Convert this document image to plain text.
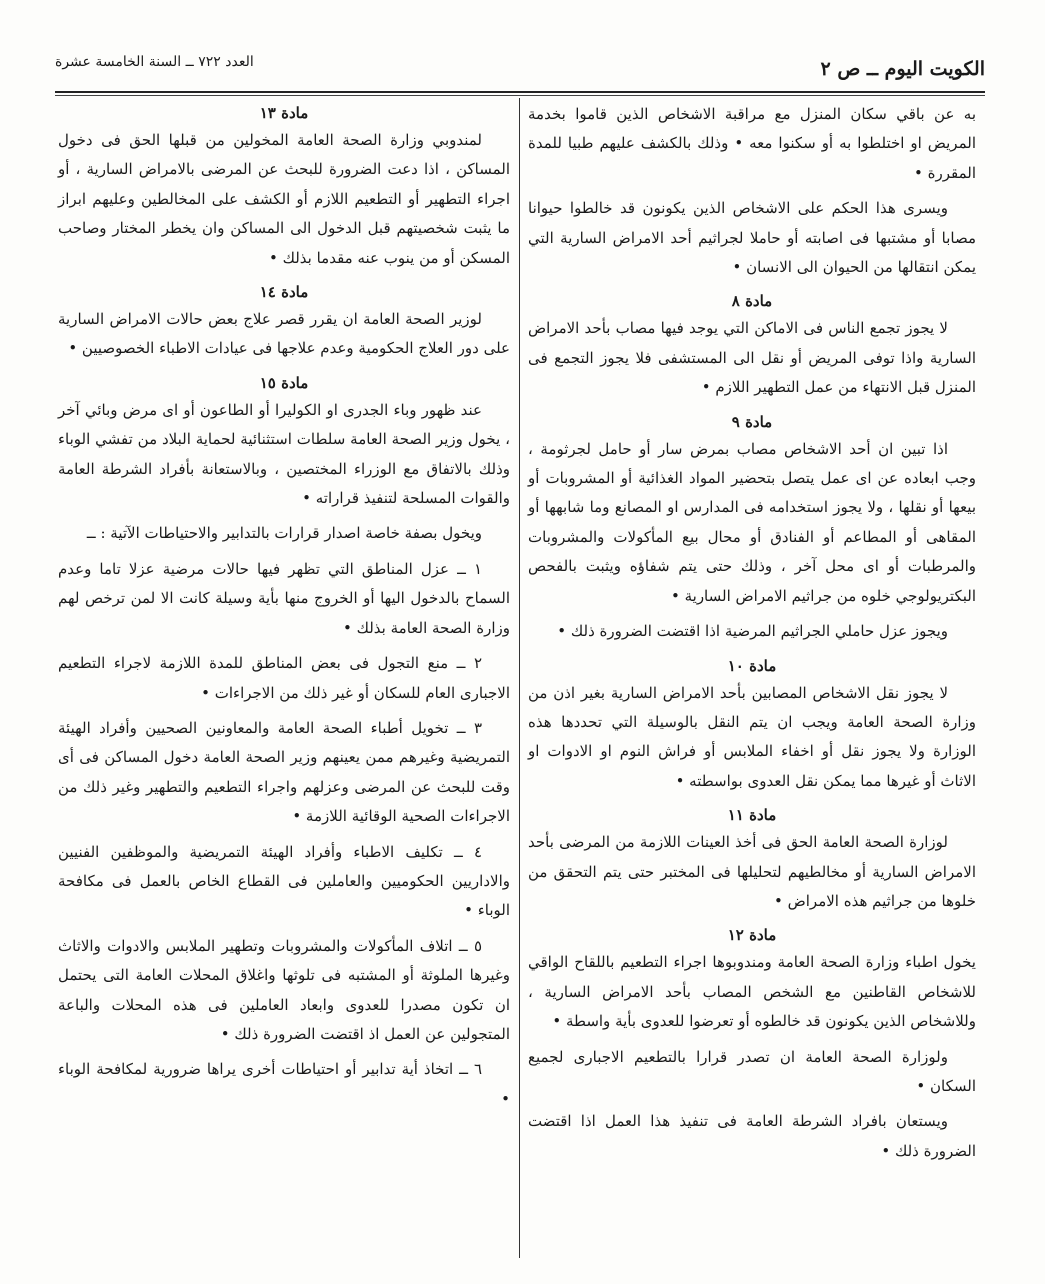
الكويت اليوم ــ ص ٢
العدد ٧٢٢ ــ السنة الخامسة عشرة

به عن باقي سكان المنزل مع مراقبة الاشخاص الذين قاموا بخدمة المريض او اختلطوا به أو سكنوا معه • وذلك بالكشف عليهم طبيا للمدة المقررة •

ويسرى هذا الحكم على الاشخاص الذين يكونون قد خالطوا حيوانا مصابا أو مشتبها فى اصابته أو حاملا لجراثيم أحد الامراض السارية التي يمكن انتقالها من الحيوان الى الانسان •

مادة ٨

لا يجوز تجمع الناس فى الاماكن التي يوجد فيها مصاب بأحد الامراض السارية واذا توفى المريض أو نقل الى المستشفى فلا يجوز التجمع فى المنزل قبل الانتهاء من عمل التطهير اللازم •

مادة ٩

اذا تبين ان أحد الاشخاص مصاب بمرض سار أو حامل لجرثومة ، وجب ابعاده عن اى عمل يتصل بتحضير المواد الغذائية أو المشروبات أو بيعها أو نقلها ، ولا يجوز استخدامه فى المدارس او المصانع وما شابهها أو المقاهى أو المطاعم أو الفنادق أو محال بيع المأكولات والمشروبات والمرطبات أو اى محل آخر ، وذلك حتى يتم شفاؤه ويثبت بالفحص البكتريولوجي خلوه من جراثيم الامراض السارية •

ويجوز عزل حاملي الجراثيم المرضية اذا اقتضت الضرورة ذلك •

مادة ١٠

لا يجوز نقل الاشخاص المصابين بأحد الامراض السارية بغير اذن من وزارة الصحة العامة ويجب ان يتم النقل بالوسيلة التي تحددها هذه الوزارة ولا يجوز نقل أو اخفاء الملابس أو فراش النوم او الادوات او الاثاث أو غيرها مما يمكن نقل العدوى بواسطته •

مادة ١١

لوزارة الصحة العامة الحق فى أخذ العينات اللازمة من المرضى بأحد الامراض السارية أو مخالطيهم لتحليلها فى المختبر حتى يتم التحقق من خلوها من جراثيم هذه الامراض •

مادة ١٢

يخول اطباء وزارة الصحة العامة ومندوبوها اجراء التطعيم باللقاح الواقي للاشخاص القاطنين مع الشخص المصاب بأحد الامراض السارية ، وللاشخاص الذين يكونون قد خالطوه أو تعرضوا للعدوى بأية واسطة •

ولوزارة الصحة العامة ان تصدر قرارا بالتطعيم الاجبارى لجميع السكان •

ويستعان بافراد الشرطة العامة فى تنفيذ هذا العمل اذا اقتضت الضرورة ذلك •

مادة ١٣

لمندوبي وزارة الصحة العامة المخولين من قبلها الحق فى دخول المساكن ، اذا دعت الضرورة للبحث عن المرضى بالامراض السارية ، أو اجراء التطهير أو التطعيم اللازم أو الكشف على المخالطين وعليهم ابراز ما يثبت شخصيتهم قبل الدخول الى المساكن وان يخطر المختار وصاحب المسكن أو من ينوب عنه مقدما بذلك •

مادة ١٤

لوزير الصحة العامة ان يقرر قصر علاج بعض حالات الامراض السارية على دور العلاج الحكومية وعدم علاجها فى عيادات الاطباء الخصوصيين •

مادة ١٥

عند ظهور وباء الجدرى او الكوليرا أو الطاعون أو اى مرض وبائي آخر ، يخول وزير الصحة العامة سلطات استثنائية لحماية البلاد من تفشي الوباء وذلك بالاتفاق مع الوزراء المختصين ، وبالاستعانة بأفراد الشرطة العامة والقوات المسلحة لتنفيذ قراراته •

ويخول بصفة خاصة اصدار قرارات بالتدابير والاحتياطات الآتية : ــ

١ ــ عزل المناطق التي تظهر فيها حالات مرضية عزلا تاما وعدم السماح بالدخول اليها أو الخروج منها بأية وسيلة كانت الا لمن ترخص لهم وزارة الصحة العامة بذلك •

٢ ــ منع التجول فى بعض المناطق للمدة اللازمة لاجراء التطعيم الاجبارى العام للسكان أو غير ذلك من الاجراءات •

٣ ــ تخويل أطباء الصحة العامة والمعاونين الصحيين وأفراد الهيئة التمريضية وغيرهم ممن يعينهم وزير الصحة العامة دخول المساكن فى أى وقت للبحث عن المرضى وعزلهم واجراء التطعيم والتطهير وغير ذلك من الاجراءات الصحية الوقائية اللازمة •

٤ ــ تكليف الاطباء وأفراد الهيئة التمريضية والموظفين الفنيين والاداريين الحكوميين والعاملين فى القطاع الخاص بالعمل فى مكافحة الوباء •

٥ ــ اتلاف المأكولات والمشروبات وتطهير الملابس والادوات والاثاث وغيرها الملوثة أو المشتبه فى تلوثها واغلاق المحلات العامة التى يحتمل ان تكون مصدرا للعدوى وابعاد العاملين فى هذه المحلات والباعة المتجولين عن العمل اذ اقتضت الضرورة ذلك •

٦ ــ اتخاذ أية تدابير أو احتياطات أخرى يراها ضرورية لمكافحة الوباء •
